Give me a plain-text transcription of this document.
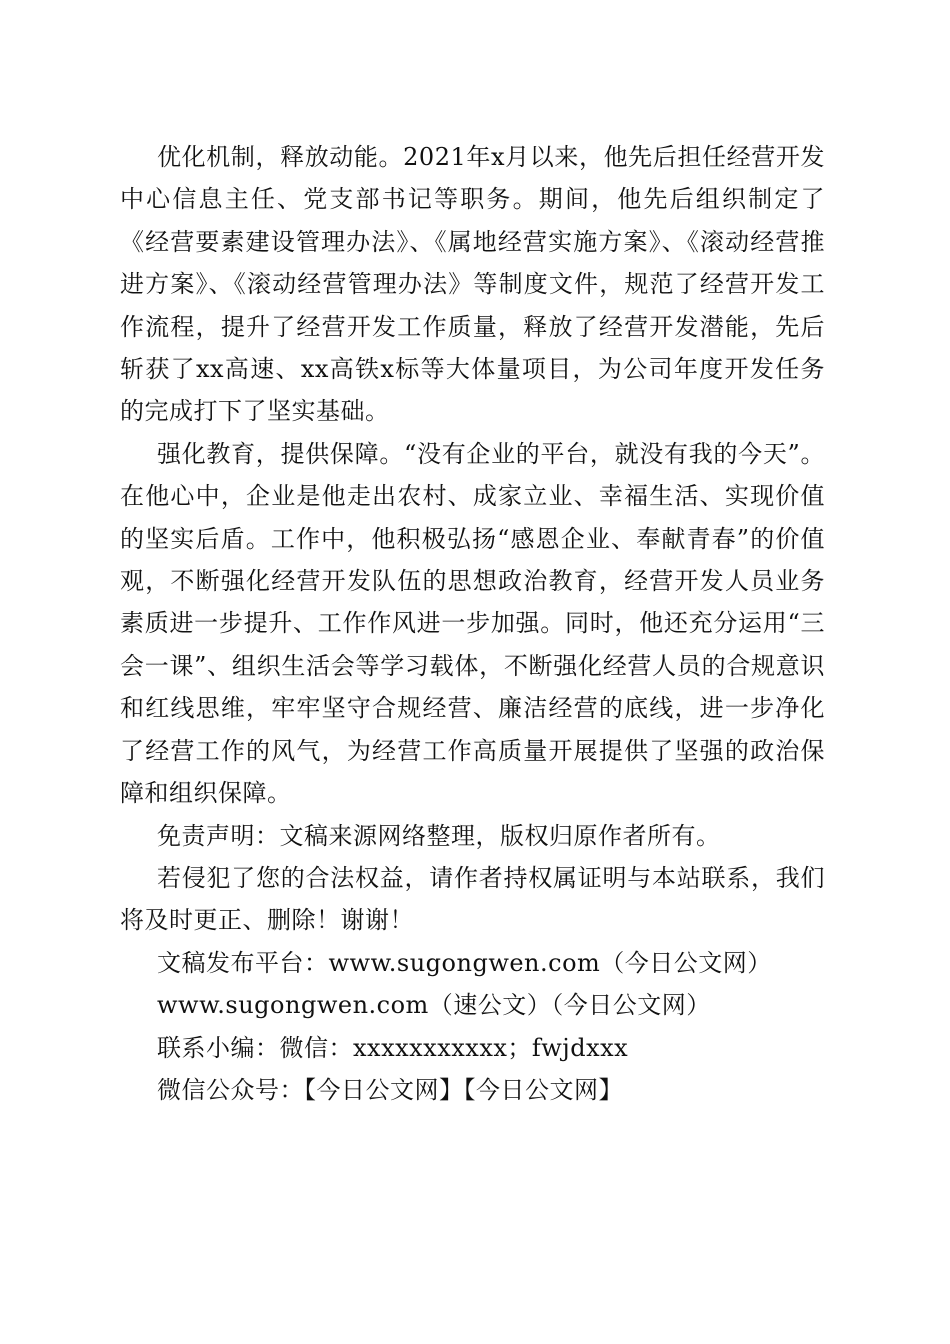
优化机制，释放动能。2021年x月以来，他先后担任经营开发中心信息主任、党支部书记等职务。期间，他先后组织制定了《经营要素建设管理办法》、《属地经营实施方案》、《滚动经营推进方案》、《滚动经营管理办法》等制度文件，规范了经营开发工作流程，提升了经营开发工作质量，释放了经营开发潜能，先后斩获了xx高速、xx高铁x标等大体量项目，为公司年度开发任务的完成打下了坚实基础。

强化教育，提供保障。“没有企业的平台，就没有我的今天”。在他心中，企业是他走出农村、成家立业、幸福生活、实现价值的坚实后盾。工作中，他积极弘扬“感恩企业、奉献青春”的价值观，不断强化经营开发队伍的思想政治教育，经营开发人员业务素质进一步提升、工作作风进一步加强。同时，他还充分运用“三会一课”、组织生活会等学习载体，不断强化经营人员的合规意识和红线思维，牢牢坚守合规经营、廉洁经营的底线，进一步净化了经营工作的风气，为经营工作高质量开展提供了坚强的政治保障和组织保障。

免责声明：文稿来源网络整理，版权归原作者所有。

若侵犯了您的合法权益，请作者持权属证明与本站联系，我们将及时更正、删除！谢谢！

文稿发布平台：www.sugongwen.com（今日公文网）

www.sugongwen.com（速公文）（今日公文网）

联系小编：微信：xxxxxxxxxxx；fwjdxxx

微信公众号：【今日公文网】【今日公文网】
